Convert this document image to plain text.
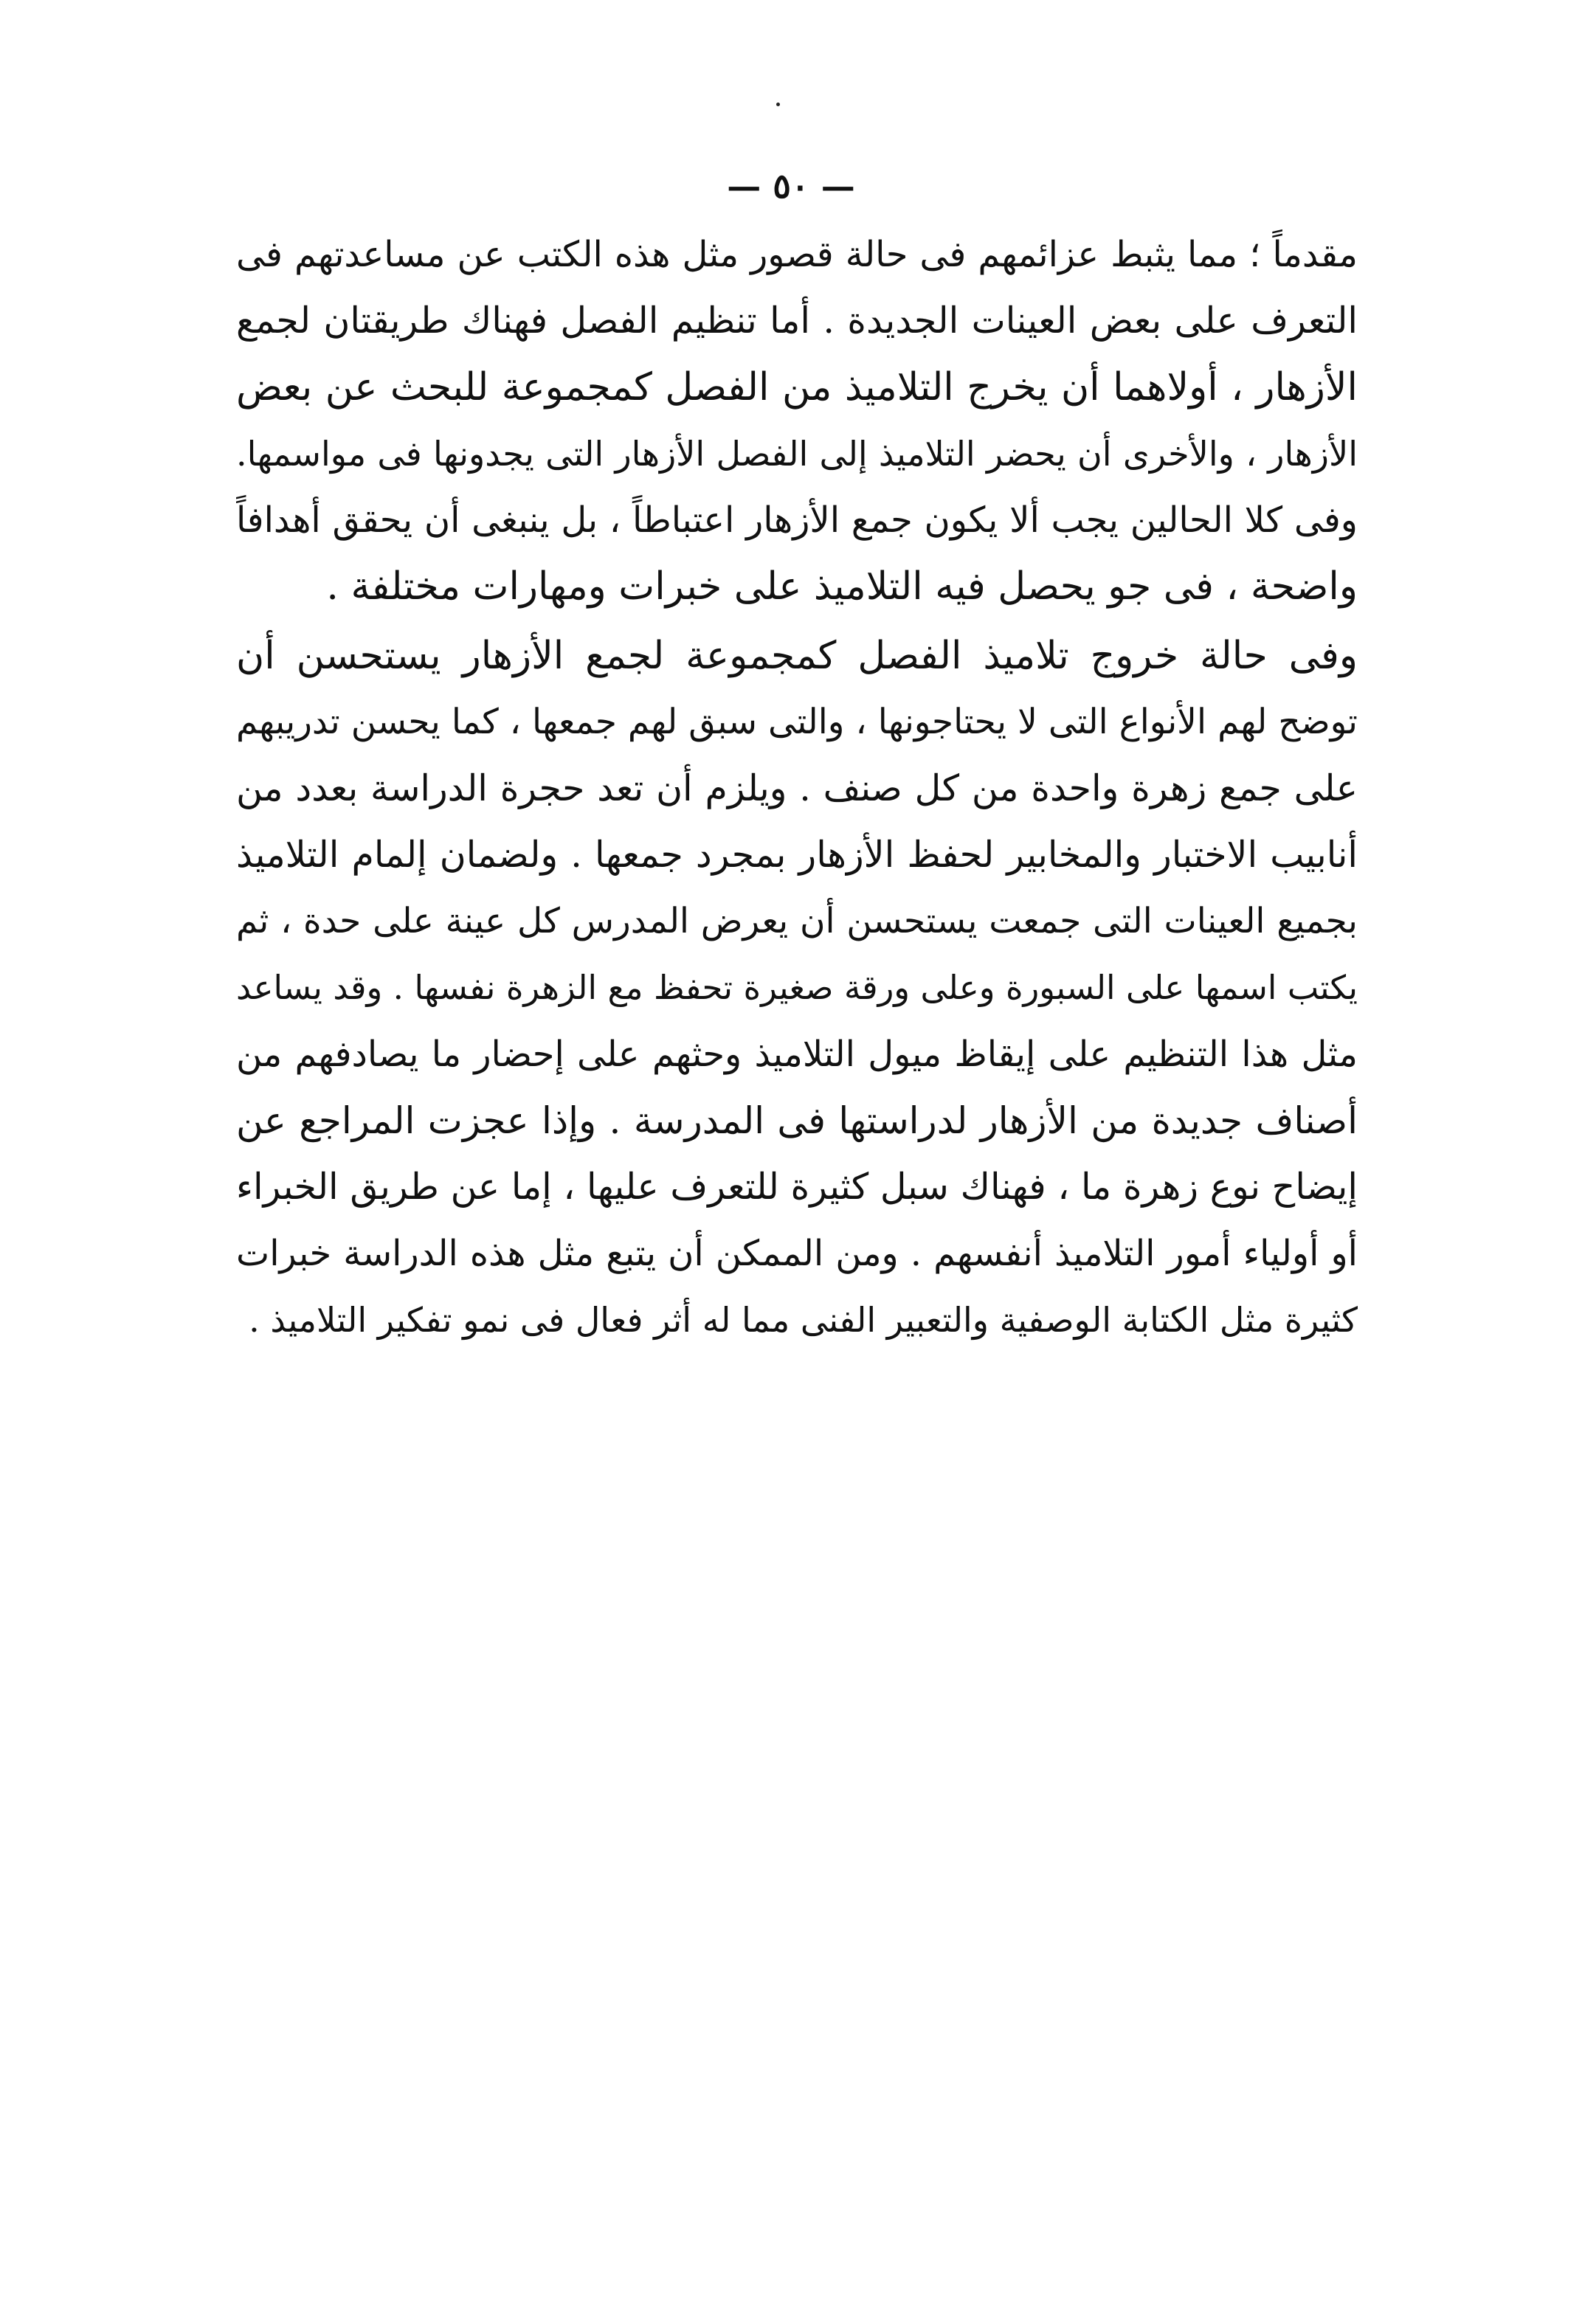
— ٥٠ —
مقدماً ؛ مما يثبط عزائمهم فى حالة قصور مثل هذه الكتب عن مساعدتهم فى
التعرف على بعض العينات الجديدة . أما تنظيم الفصل فهناك طريقتان لجمع
الأزهار ، أولاهما أن يخرج التلاميذ من الفصل كمجموعة للبحث عن بعض
الأزهار ، والأخرى أن يحضر التلاميذ إلى الفصل الأزهار التى يجدونها فى مواسمها.
وفى كلا الحالين يجب ألا يكون جمع الأزهار اعتباطاً ، بل ينبغى أن يحقق أهدافاً
واضحة ، فى جو يحصل فيه التلاميذ على خبرات ومهارات مختلفة .
وفى حالة خروج تلاميذ الفصل كمجموعة لجمع الأزهار يستحسن أن
توضح لهم الأنواع التى لا يحتاجونها ، والتى سبق لهم جمعها ، كما يحسن تدريبهم
على جمع زهرة واحدة من كل صنف . ويلزم أن تعد حجرة الدراسة بعدد من
أنابيب الاختبار والمخابير لحفظ الأزهار بمجرد جمعها . ولضمان إلمام التلاميذ
بجميع العينات التى جمعت يستحسن أن يعرض المدرس كل عينة على حدة ، ثم
يكتب اسمها على السبورة وعلى ورقة صغيرة تحفظ مع الزهرة نفسها . وقد يساعد
مثل هذا التنظيم على إيقاظ ميول التلاميذ وحثهم على إحضار ما يصادفهم من
أصناف جديدة من الأزهار لدراستها فى المدرسة . وإذا عجزت المراجع عن
إيضاح نوع زهرة ما ، فهناك سبل كثيرة للتعرف عليها ، إما عن طريق الخبراء
أو أولياء أمور التلاميذ أنفسهم . ومن الممكن أن يتبع مثل هذه الدراسة خبرات
كثيرة مثل الكتابة الوصفية والتعبير الفنى مما له أثر فعال فى نمو تفكير التلاميذ .
